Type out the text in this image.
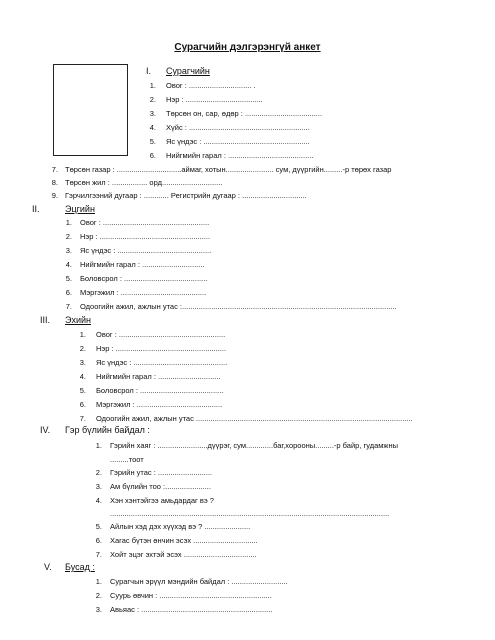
Сурагчийн дэлгэрэнгүй анкет
I. Сурагчийн
1. Овог : .............................. .
2. Нэр : .....................................
3. Төрсөн он, сар, өдөр : .....................................
4. Хүйс : ..........................................................
5. Яс үндэс : ...................................................
6. Нийгмийн гарал : .........................................
7. Төрсөн газар : ...............................аймаг, хотын....................... сум, дүүргийн.........-р төрөх газар
8. Төрсөн жил : ................. орд.............................
9. Гэрчилгээний дугаар : ............ Регистрийн дугаар : ...............................
II.	Эцгийн
1. Овог : ...................................................
2. Нэр : .....................................................
3. Яс үндэс : .............................................
4. Нийгмийн гарал : ..............................
5. Боловсрол : ........................................
6. Мэргэжил : .........................................
7. Одоогийн ажил, ажлын утас :.......................................................................................................
III. Эхийн
1. Овог : ...................................................
2. Нэр : .....................................................
3. Яс үндэс : .............................................
4. Нийгмийн гарал : ..............................
5. Боловсрол : ........................................
6. Мэргэжил : .........................................
7. Одоогийн ажил, ажлын утас ........................................................................................................
IV. Гэр бүлийн байдал :
1. Гэрийн хаяг : ........................дүүрэг, сум.............баг,хорооны.........-р байр, гудамжны
.........тоот
2. Гэрийн утас : ..........................
3. Ам бүлийн тоо :......................
4. Хэн хэнтэйгээ амьдардаг вэ ?
......................................................................................................................................
5. Айлын хэд дэх хүүхэд вэ ? ......................
6. Хагас бүтэн өнчин эсэх ...............................
7. Хойт эцэг эхтэй эсэх ...................................
V. Бусад :
1. Сурагчын эрүүл мэндийн байдал : ...........................
2. Суурь өвчин : ......................................................
3. Авьяас : ...............................................................
